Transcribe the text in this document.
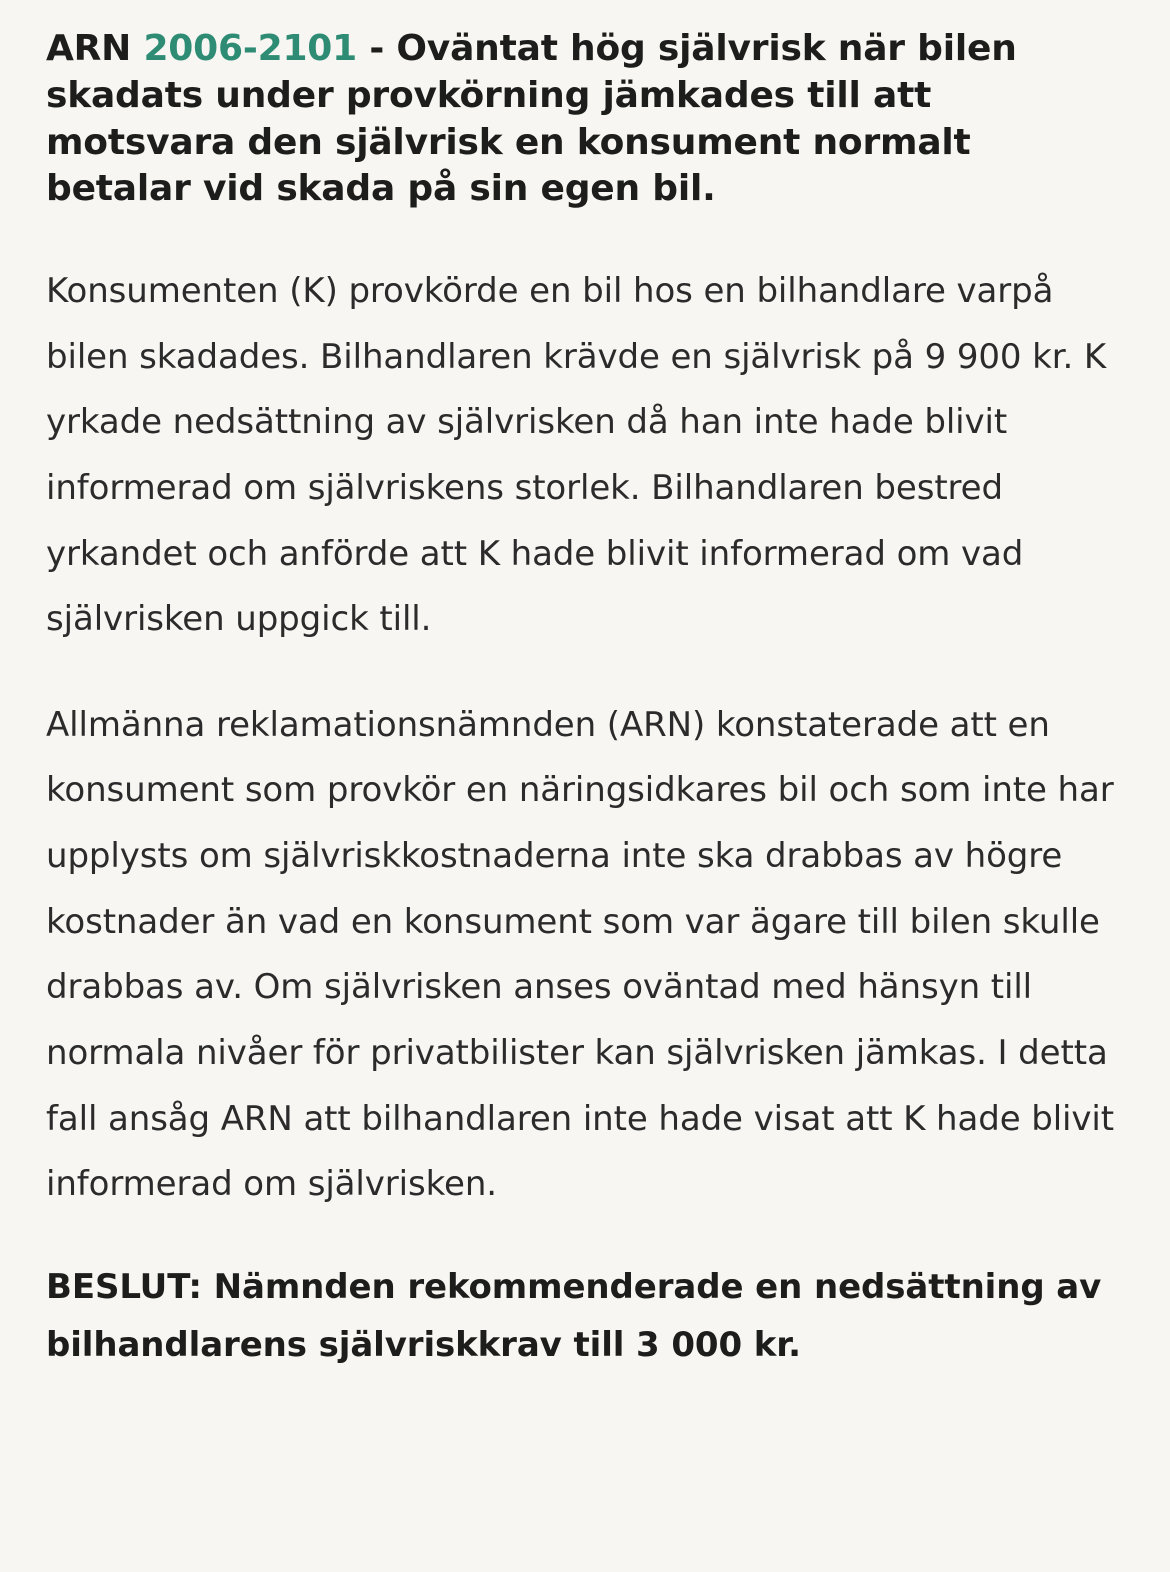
ARN 2006-2101 - Oväntat hög självrisk när bilen skadats under provkörning jämkades till att motsvara den självrisk en konsument normalt betalar vid skada på sin egen bil.

Konsumenten (K) provkörde en bil hos en bilhandlare varpå bilen skadades. Bilhandlaren krävde en självrisk på 9 900 kr. K yrkade nedsättning av självrisken då han inte hade blivit informerad om självriskens storlek. Bilhandlaren bestred yrkandet och anförde att K hade blivit informerad om vad självrisken uppgick till.

Allmänna reklamationsnämnden (ARN) konstaterade att en konsument som provkör en näringsidkares bil och som inte har upplysts om självriskkostnaderna inte ska drabbas av högre kostnader än vad en konsument som var ägare till bilen skulle drabbas av. Om självrisken anses oväntad med hänsyn till normala nivåer för privatbilister kan självrisken jämkas. I detta fall ansåg ARN att bilhandlaren inte hade visat att K hade blivit informerad om självrisken.

BESLUT: Nämnden rekommenderade en nedsättning av bilhandlarens självriskkrav till 3 000 kr.
